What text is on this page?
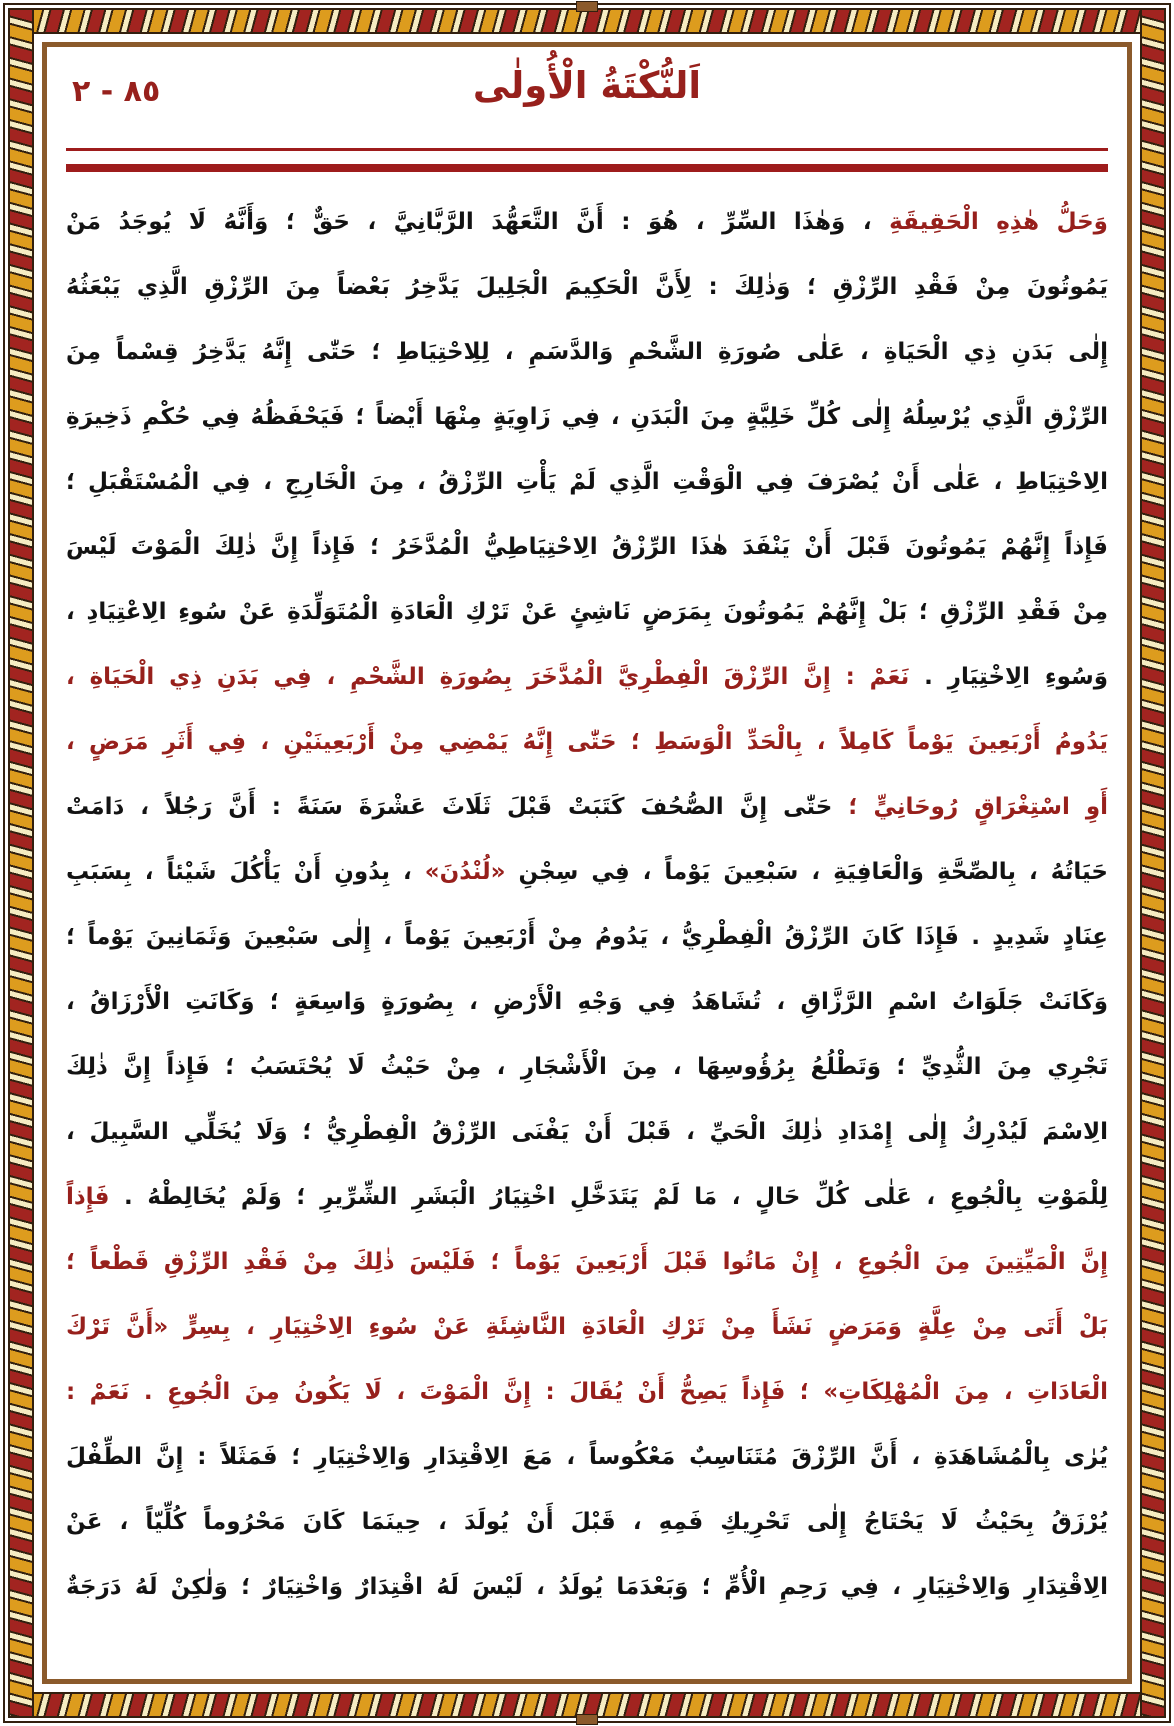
٨٥ - ٢	اَلنُّكْتَةُ الْأُولٰى
وَحَلُّ هٰذِهِ الْحَقِيقَةِ ، وَهٰذَا السِّرِّ ، هُوَ : أَنَّ التَّعَهُّدَ الرَّبَّانِيَّ ، حَقٌّ ؛ وَأَنَّهُ لَا يُوجَدُ مَنْ
يَمُوتُونَ مِنْ فَقْدِ الرِّزْقِ ؛ وَذٰلِكَ : لِأَنَّ الْحَكِيمَ الْجَلِيلَ يَدَّخِرُ بَعْضاً مِنَ الرِّزْقِ الَّذِي يَبْعَثُهُ
إِلٰى بَدَنِ ذِي الْحَيَاةِ ، عَلٰى صُورَةِ الشَّحْمِ وَالدَّسَمِ ، لِلِاحْتِيَاطِ ؛ حَتّٰى إِنَّهُ يَدَّخِرُ قِسْماً مِنَ
الرِّزْقِ الَّذِي يُرْسِلُهُ إِلٰى كُلِّ خَلِيَّةٍ مِنَ الْبَدَنِ ، فِي زَاوِيَةٍ مِنْهَا أَيْضاً ؛ فَيَحْفَظُهُ فِي حُكْمِ ذَخِيرَةِ
الِاحْتِيَاطِ ، عَلٰى أَنْ يُصْرَفَ فِي الْوَقْتِ الَّذِي لَمْ يَأْتِ الرِّزْقُ ، مِنَ الْخَارِجِ ، فِي الْمُسْتَقْبَلِ ؛
فَإِذاً إِنَّهُمْ يَمُوتُونَ قَبْلَ أَنْ يَنْفَدَ هٰذَا الرِّزْقُ الِاحْتِيَاطِيُّ الْمُدَّخَرُ ؛ فَإِذاً إِنَّ ذٰلِكَ الْمَوْتَ لَيْسَ
مِنْ فَقْدِ الرِّزْقِ ؛ بَلْ إِنَّهُمْ يَمُوتُونَ بِمَرَضٍ نَاشِئٍ عَنْ تَرْكِ الْعَادَةِ الْمُتَوَلِّدَةِ عَنْ سُوءِ الِاعْتِيَادِ ،
وَسُوءِ الِاخْتِيَارِ . نَعَمْ : إِنَّ الرِّزْقَ الْفِطْرِيَّ الْمُدَّخَرَ بِصُورَةِ الشَّحْمِ ، فِي بَدَنِ ذِي الْحَيَاةِ ،
يَدُومُ أَرْبَعِينَ يَوْماً كَامِلاً ، بِالْحَدِّ الْوَسَطِ ؛ حَتّٰى إِنَّهُ يَمْضِي مِنْ أَرْبَعِينَيْنِ ، فِي أَثَرِ مَرَضٍ ،
أَوِ اسْتِغْرَاقٍ رُوحَانِيٍّ ؛ حَتّٰى إِنَّ الصُّحُفَ كَتَبَتْ قَبْلَ ثَلَاثَ عَشْرَةَ سَنَةً : أَنَّ رَجُلاً ، دَامَتْ
حَيَاتُهُ ، بِالصِّحَّةِ وَالْعَافِيَةِ ، سَبْعِينَ يَوْماً ، فِي سِجْنِ «لُنْدُنَ» ، بِدُونِ أَنْ يَأْكُلَ شَيْئاً ، بِسَبَبِ
عِنَادٍ شَدِيدٍ . فَإِذَا كَانَ الرِّزْقُ الْفِطْرِيُّ ، يَدُومُ مِنْ أَرْبَعِينَ يَوْماً ، إِلٰى سَبْعِينَ وَثَمَانِينَ يَوْماً ؛
وَكَانَتْ جَلَوَاتُ اسْمِ الرَّزَّاقِ ، تُشَاهَدُ فِي وَجْهِ الْأَرْضِ ، بِصُورَةٍ وَاسِعَةٍ ؛ وَكَانَتِ الْأَرْزَاقُ ،
تَجْرِي مِنَ الثُّدِيِّ ؛ وَتَطْلُعُ بِرُؤُوسِهَا ، مِنَ الْأَشْجَارِ ، مِنْ حَيْثُ لَا يُحْتَسَبُ ؛ فَإِذاً إِنَّ ذٰلِكَ
الِاسْمَ لَيُدْرِكُ إِلٰى إِمْدَادِ ذٰلِكَ الْحَيِّ ، قَبْلَ أَنْ يَفْنَى الرِّزْقُ الْفِطْرِيُّ ؛ وَلَا يُخَلِّي السَّبِيلَ ،
لِلْمَوْتِ بِالْجُوعِ ، عَلٰى كُلِّ حَالٍ ، مَا لَمْ يَتَدَخَّلِ اخْتِيَارُ الْبَشَرِ الشِّرِّيرِ ؛ وَلَمْ يُخَالِطْهُ . فَإِذاً
إِنَّ الْمَيِّتِينَ مِنَ الْجُوعِ ، إِنْ مَاتُوا قَبْلَ أَرْبَعِينَ يَوْماً ؛ فَلَيْسَ ذٰلِكَ مِنْ فَقْدِ الرِّزْقِ قَطْعاً ؛
بَلْ أَتَى مِنْ عِلَّةٍ وَمَرَضٍ نَشَأَ مِنْ تَرْكِ الْعَادَةِ النَّاشِئَةِ عَنْ سُوءِ الِاخْتِيَارِ ، بِسِرٍّ «أَنَّ تَرْكَ
الْعَادَاتِ ، مِنَ الْمُهْلِكَاتِ» ؛ فَإِذاً يَصِحُّ أَنْ يُقَالَ : إِنَّ الْمَوْتَ ، لَا يَكُونُ مِنَ الْجُوعِ . نَعَمْ :
يُرٰى بِالْمُشَاهَدَةِ ، أَنَّ الرِّزْقَ مُتَنَاسِبٌ مَعْكُوساً ، مَعَ الِاقْتِدَارِ وَالِاخْتِيَارِ ؛ فَمَثَلاً : إِنَّ الطِّفْلَ
يُرْزَقُ بِحَيْثُ لَا يَحْتَاجُ إِلٰى تَحْرِيكِ فَمِهِ ، قَبْلَ أَنْ يُولَدَ ، حِينَمَا كَانَ مَحْرُوماً كُلِّيّاً ، عَنْ
الِاقْتِدَارِ وَالِاخْتِيَارِ ، فِي رَحِمِ الْأُمِّ ؛ وَبَعْدَمَا يُولَدُ ، لَيْسَ لَهُ اقْتِدَارٌ وَاخْتِيَارٌ ؛ وَلٰكِنْ لَهُ دَرَجَةٌ
